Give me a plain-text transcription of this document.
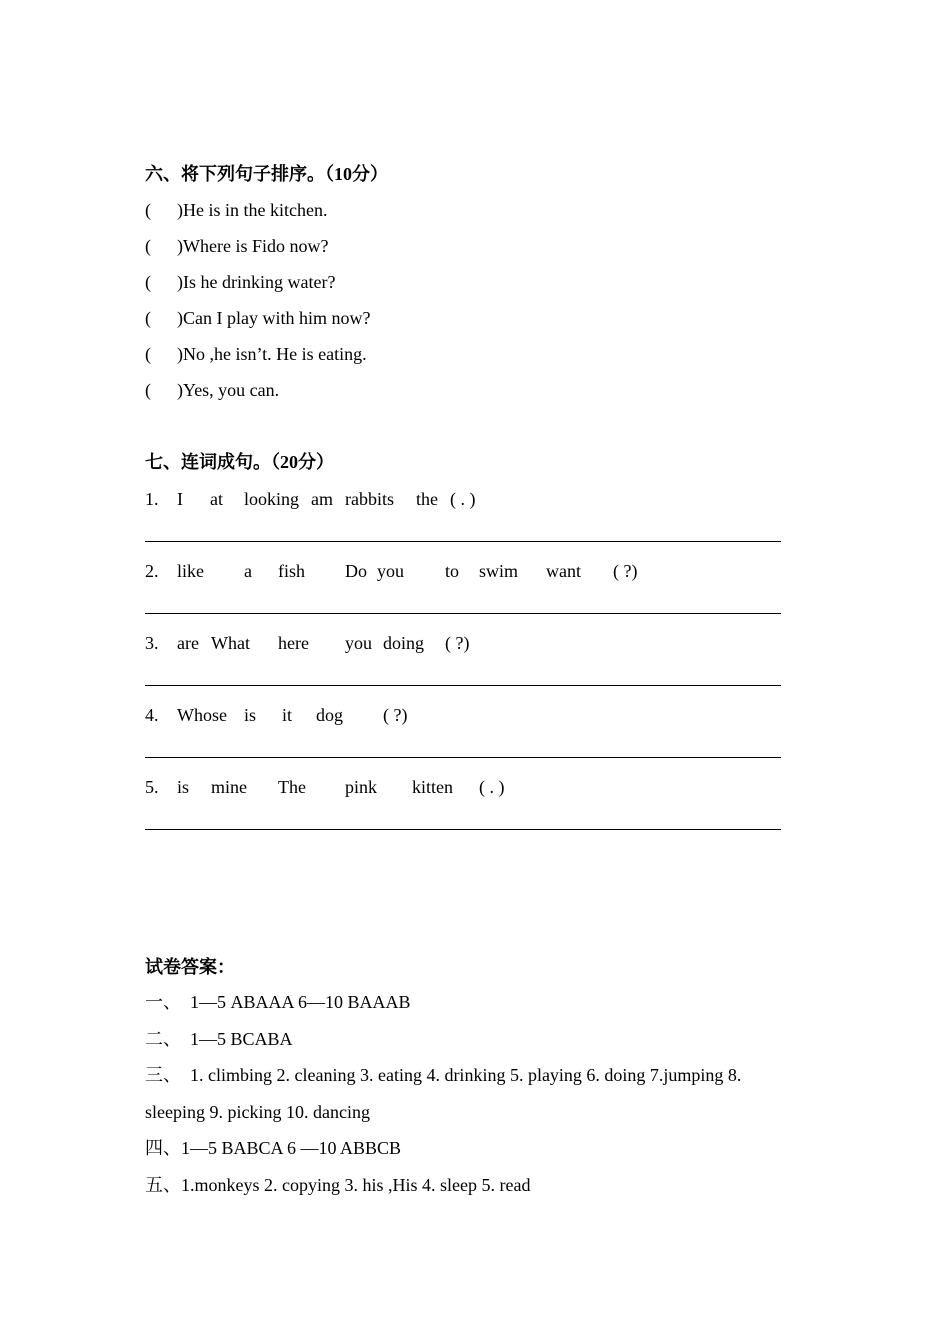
六、将下列句子排序。（10分）
( )He is in the kitchen.
( )Where is Fido now?
( )Is he drinking water?
( )Can I play with him now?
( )No ,he isn’t. He is eating.
( )Yes, you can.
七、连词成句。（20分）
1. I at looking am rabbits the ( . )
2. like a fish Do you to swim want ( ?)
3. are What here you doing ( ?)
4. Whose is it dog ( ?)
5. is mine The pink kitten ( . )
试卷答案：
一、  1—5 ABAAA 6—10 BAAAB
二、  1—5 BCABA
三、  1. climbing 2. cleaning 3. eating 4. drinking 5. playing 6. doing 7.jumping 8.
sleeping 9. picking 10. dancing
四、1—5 BABCA 6 —10 ABBCB
五、1.monkeys 2. copying 3. his ,His 4. sleep 5. read
